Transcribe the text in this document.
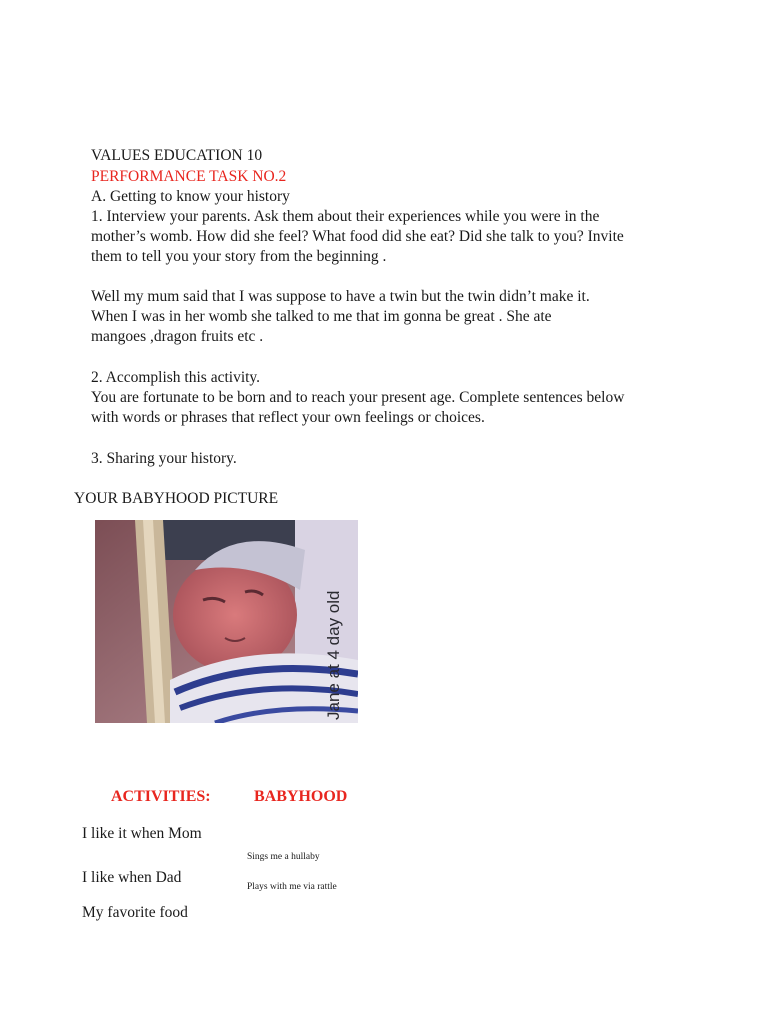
VALUES EDUCATION 10
PERFORMANCE TASK NO.2
A. Getting to know your history
1. Interview your parents. Ask them about their experiences while you were in the
mother’s womb. How did she feel? What food did she eat? Did she talk to you? Invite
them to tell you your story from the beginning .
Well my mum said that I was suppose to have a twin but the twin didn’t make it.
When I was in her womb she talked to me that im gonna be great . She ate
mangoes ,dragon fruits etc .
2. Accomplish this activity.
You are fortunate to be born and to reach your present age. Complete sentences below
with words or phrases that reflect your own feelings or choices.
3. Sharing your history.
YOUR BABYHOOD PICTURE
Jane at 4 day old
ACTIVITIES:	BABYHOOD
I like it when Mom
I like when Dad
My favorite food
Sings me a hullaby
Plays with me via rattle
